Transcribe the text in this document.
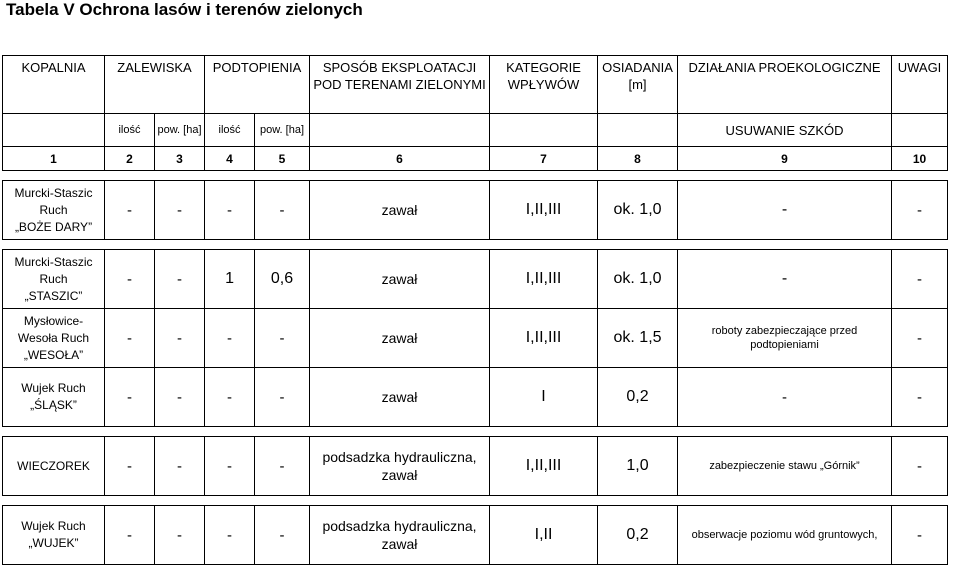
Tabela V Ochrona lasów i terenów zielonych
KOPALNIA	ZALEWISKA		PODTOPIENIA		SPOSÓB EKSPLOATACJI POD TERENAMI ZIELONYMI	KATEGORIE WPŁYWÓW	OSIADANIA [m]	DZIAŁANIA PROEKOLOGICZNE	UWAGI
	ilość	pow. [ha]	ilość	pow. [ha]				USUWANIE SZKÓD	
1	2	3	4	5	6	7	8	9	10

Murcki-Staszic
Ruch
„BOŻE DARY”	-	-	-	-	zawał	I,II,III	ok. 1,0	-	-

Murcki-Staszic
Ruch
„STASZIC”	-	-	1	0,6	zawał	I,II,III	ok. 1,0	-	-

Mysłowice-
Wesoła Ruch
„WESOŁA”	-	-	-	-	zawał	I,II,III	ok. 1,5	roboty zabezpieczające przed podtopieniami	-

Wujek Ruch
„ŚLĄSK”	-	-	-	-	zawał	I	0,2	-	-

WIECZOREK	-	-	-	-	podsadzka hydrauliczna, zawał	I,II,III	1,0	zabezpieczenie stawu „Górnik”	-

Wujek Ruch
„WUJEK”	-	-	-	-	podsadzka hydrauliczna, zawał	I,II	0,2	obserwacje poziomu wód gruntowych,	-
